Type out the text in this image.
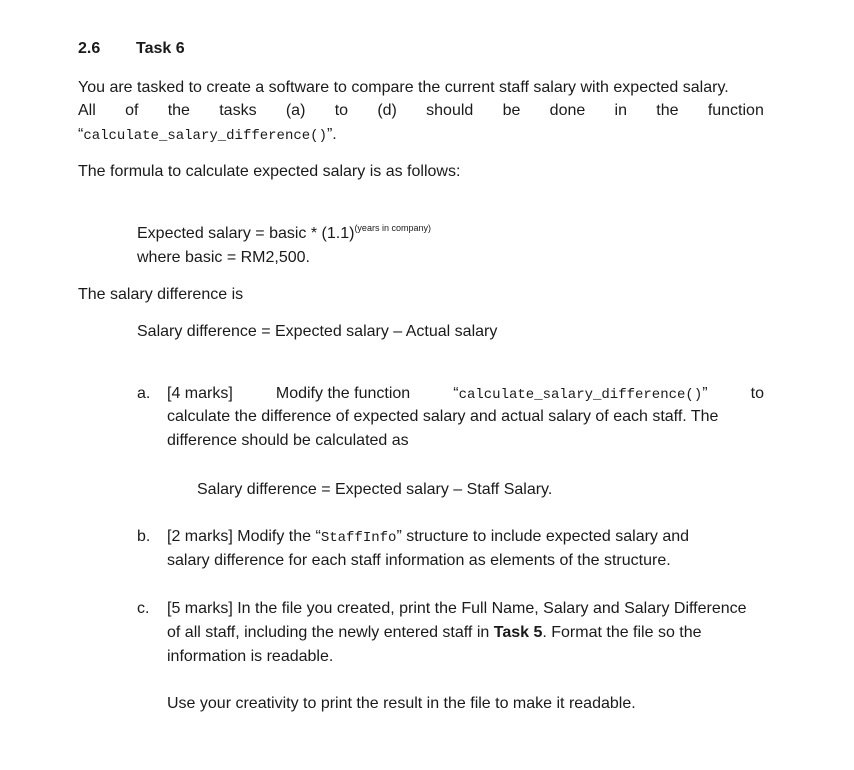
2.6 Task 6
You are tasked to create a software to compare the current staff salary with expected salary.
All of the tasks (a) to (d) should be done in the function
“calculate_salary_difference()”.
The formula to calculate expected salary is as follows:
Expected salary = basic * $(1.1)^{(years in company)}$
where basic = RM2,500.
The salary difference is
Salary difference = Expected salary – Actual salary
a. [4 marks]	Modify the function	“calculate_salary_difference()”	to
calculate the difference of expected salary and actual salary of each staff. The
difference should be calculated as
Salary difference = Expected salary – Staff Salary.
b. [2 marks] Modify the “StaffInfo” structure to include expected salary and
salary difference for each staff information as elements of the structure.
c. [5 marks] In the file you created, print the Full Name, Salary and Salary Difference
of all staff, including the newly entered staff in Task 5. Format the file so the
information is readable.
Use your creativity to print the result in the file to make it readable.
